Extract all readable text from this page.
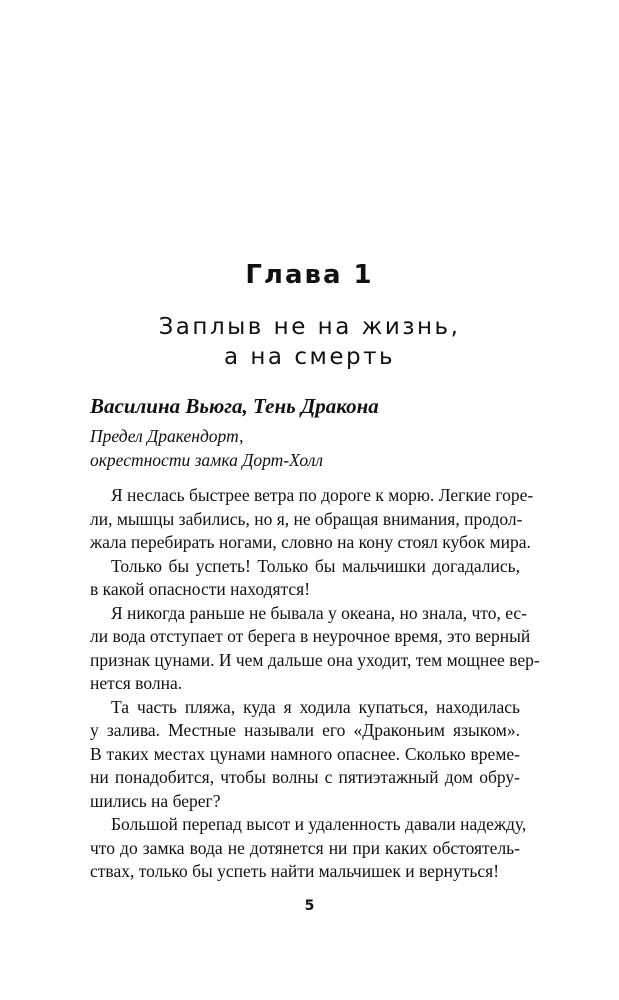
Глава 1
Заплыв не на жизнь,
а на смерть
Василина Вьюга, Тень Дракона
Предел Дракендорт,
окрестности замка Дорт-Холл
Я неслась быстрее ветра по дороге к морю. Легкие горе-
ли, мышцы забились, но я, не обращая внимания, продол-
жала перебирать ногами, словно на кону стоял кубок мира.
Только бы успеть! Только бы мальчишки догадались,
в какой опасности находятся!
Я никогда раньше не бывала у океана, но знала, что, ес-
ли вода отступает от берега в неурочное время, это верный
признак цунами. И чем дальше она уходит, тем мощнее вер-
нется волна.
Та часть пляжа, куда я ходила купаться, находилась
у залива. Местные называли его «Драконьим языком».
В таких местах цунами намного опаснее. Сколько време-
ни понадобится, чтобы волны с пятиэтажный дом обру-
шились на берег?
Большой перепад высот и удаленность давали надежду,
что до замка вода не дотянется ни при каких обстоятель-
ствах, только бы успеть найти мальчишек и вернуться!
5
